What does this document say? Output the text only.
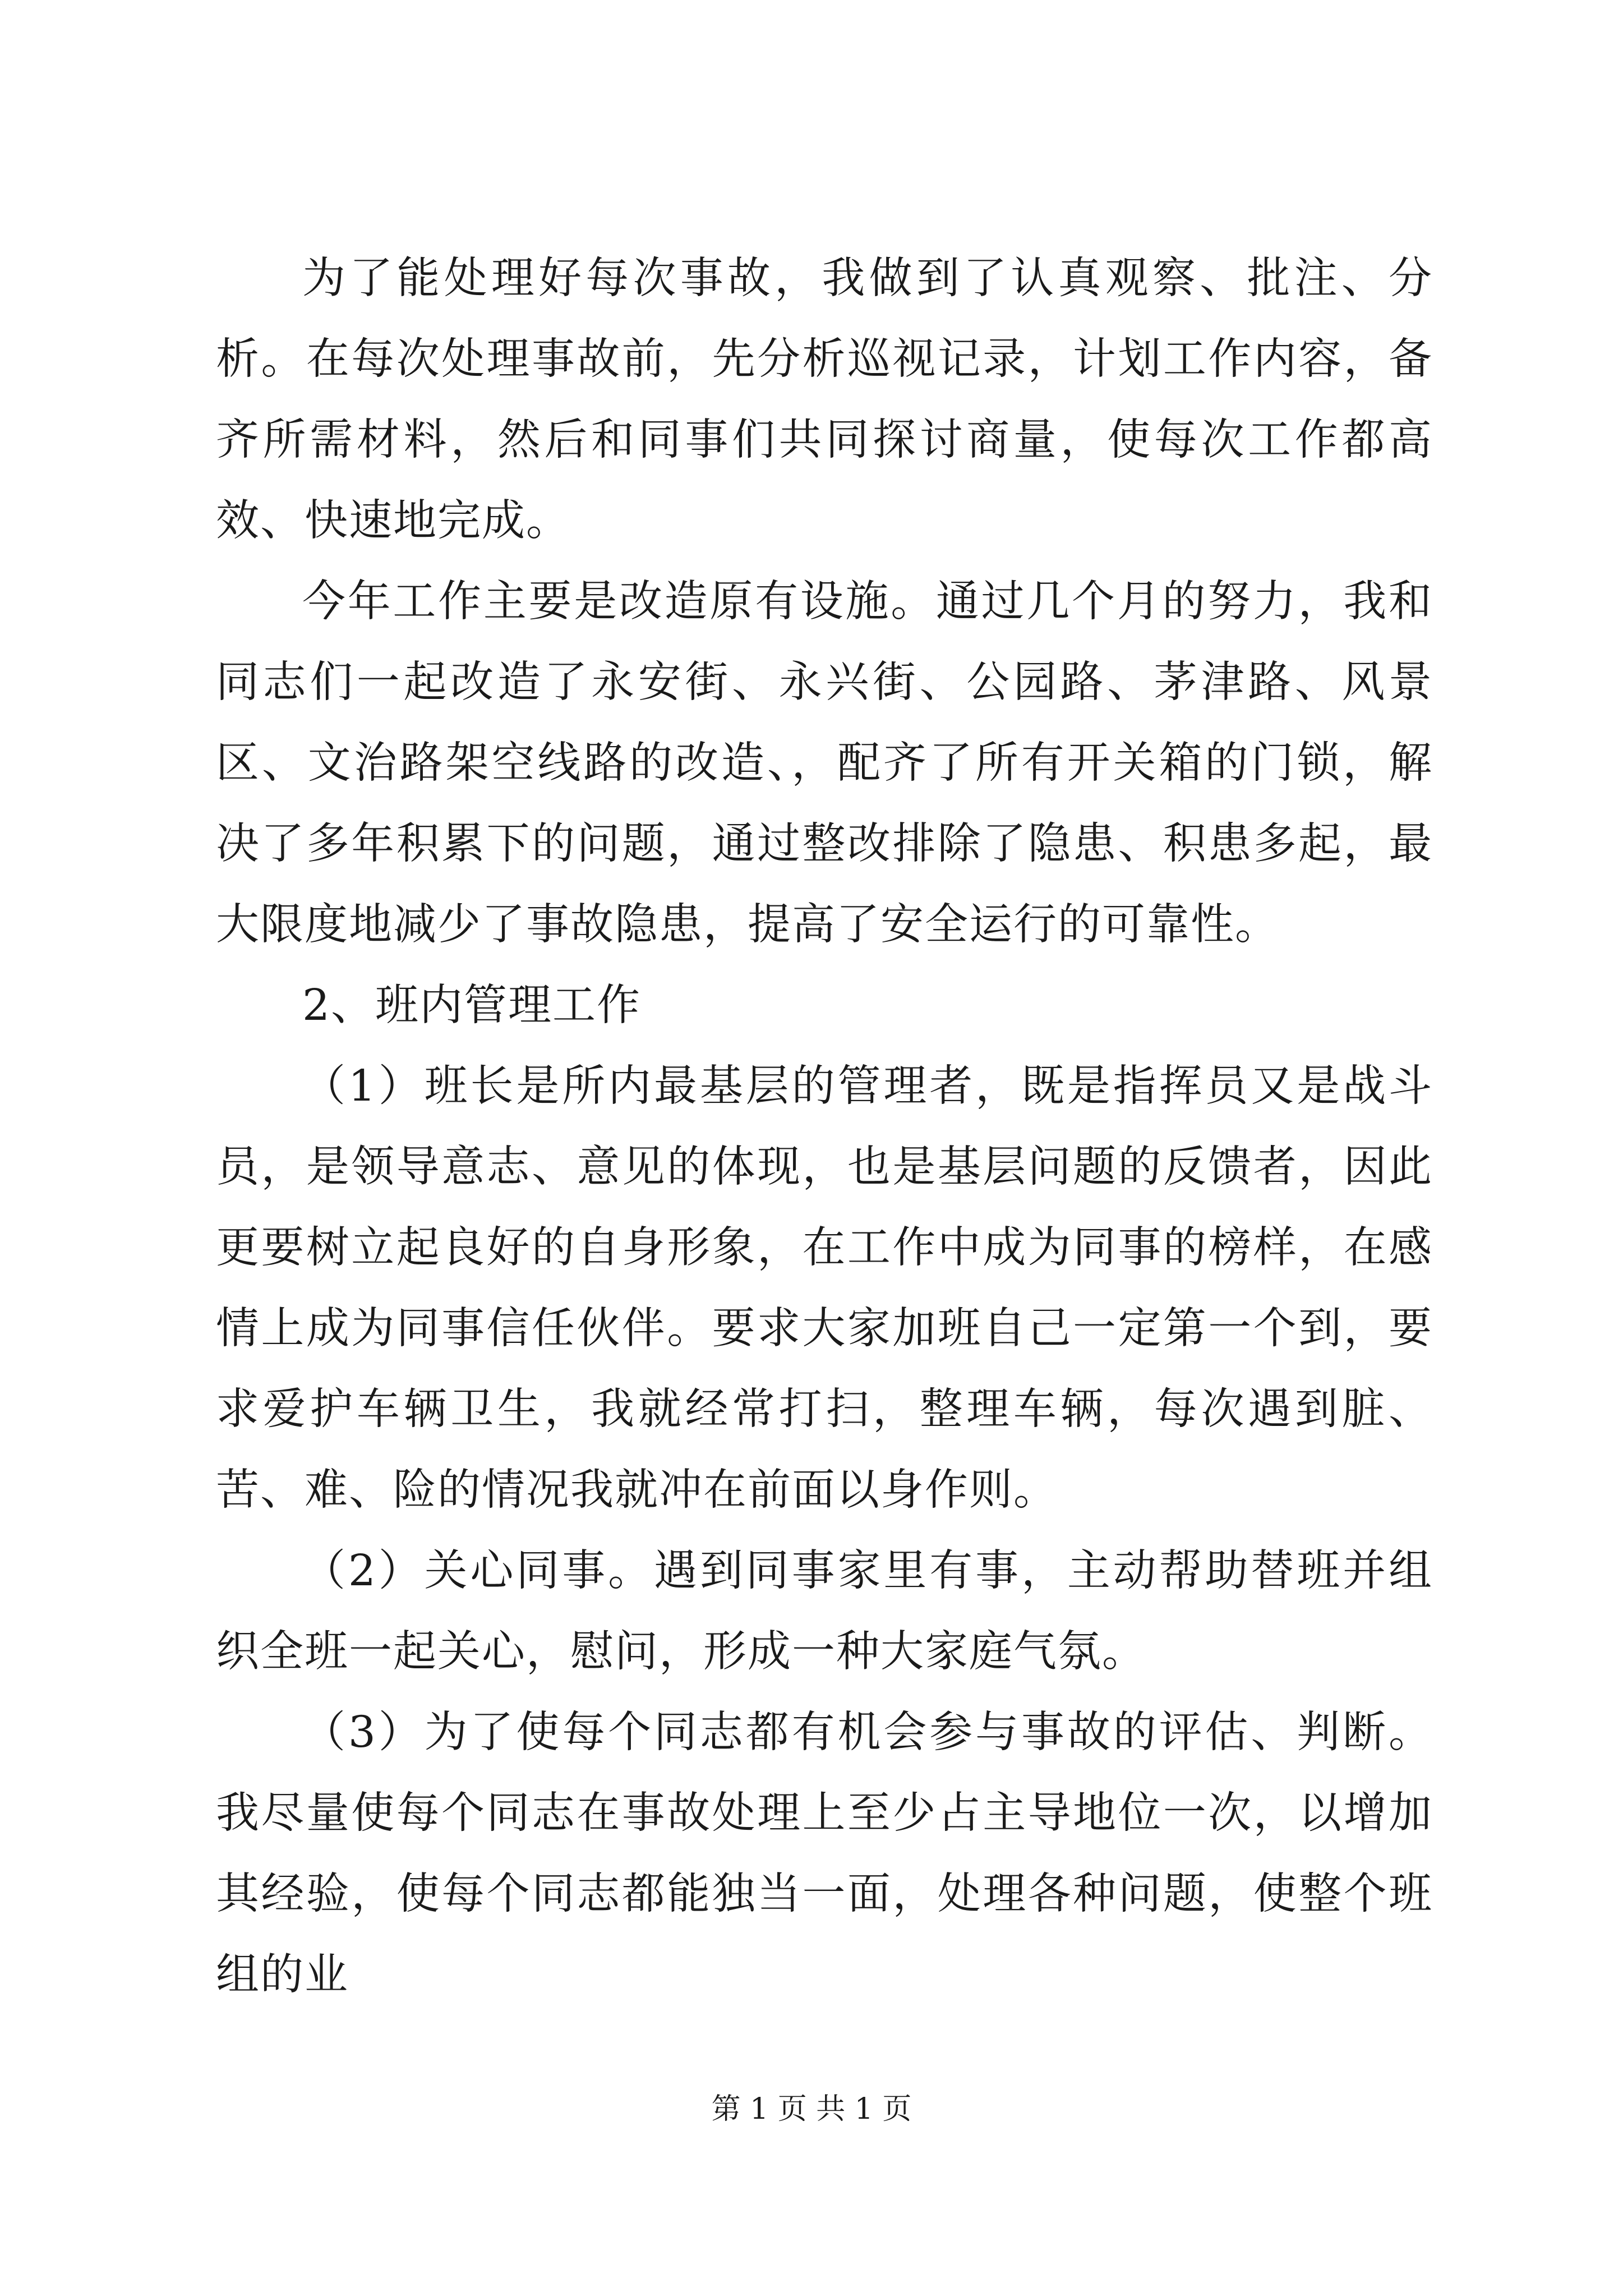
为了能处理好每次事故，我做到了认真观察、批注、分析。在每次处理事故前，先分析巡视记录，计划工作内容，备齐所需材料，然后和同事们共同探讨商量，使每次工作都高效、快速地完成。

今年工作主要是改造原有设施。通过几个月的努力，我和同志们一起改造了永安街、永兴街、公园路、茅津路、风景区、文治路架空线路的改造、，配齐了所有开关箱的门锁，解决了多年积累下的问题，通过整改排除了隐患、积患多起，最大限度地减少了事故隐患，提高了安全运行的可靠性。

2、班内管理工作

（1）班长是所内最基层的管理者，既是指挥员又是战斗员，是领导意志、意见的体现，也是基层问题的反馈者，因此更要树立起良好的自身形象，在工作中成为同事的榜样，在感情上成为同事信任伙伴。要求大家加班自己一定第一个到，要求爱护车辆卫生，我就经常打扫，整理车辆，每次遇到脏、苦、难、险的情况我就冲在前面以身作则。

（2）关心同事。遇到同事家里有事，主动帮助替班并组织全班一起关心，慰问，形成一种大家庭气氛。

（3）为了使每个同志都有机会参与事故的评估、判断。我尽量使每个同志在事故处理上至少占主导地位一次，以增加其经验，使每个同志都能独当一面，处理各种问题，使整个班组的业

第 1 页 共 1 页
